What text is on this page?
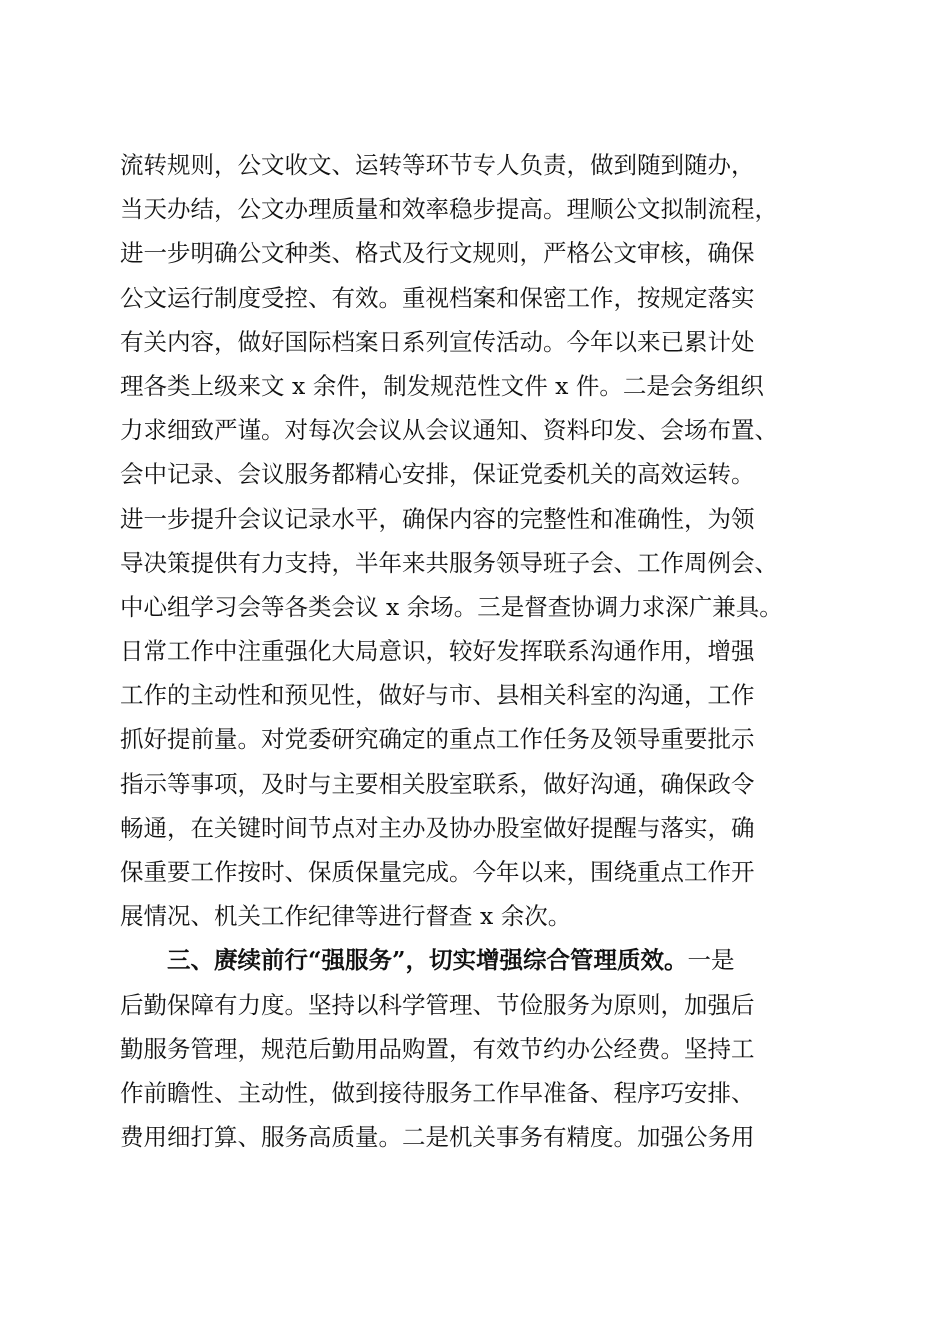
流转规则，公文收文、运转等环节专人负责，做到随到随办，
当天办结，公文办理质量和效率稳步提高。理顺公文拟制流程，
进一步明确公文种类、格式及行文规则，严格公文审核，确保
公文运行制度受控、有效。重视档案和保密工作，按规定落实
有关内容，做好国际档案日系列宣传活动。今年以来已累计处
理各类上级来文 x 余件，制发规范性文件 x 件。二是会务组织
力求细致严谨。对每次会议从会议通知、资料印发、会场布置、
会中记录、会议服务都精心安排，保证党委机关的高效运转。
进一步提升会议记录水平，确保内容的完整性和准确性，为领
导决策提供有力支持，半年来共服务领导班子会、工作周例会、
中心组学习会等各类会议 x 余场。三是督查协调力求深广兼具。
日常工作中注重强化大局意识，较好发挥联系沟通作用，增强
工作的主动性和预见性，做好与市、县相关科室的沟通，工作
抓好提前量。对党委研究确定的重点工作任务及领导重要批示
指示等事项，及时与主要相关股室联系，做好沟通，确保政令
畅通，在关键时间节点对主办及协办股室做好提醒与落实，确
保重要工作按时、保质保量完成。今年以来，围绕重点工作开
展情况、机关工作纪律等进行督查 x 余次。
三、赓续前行“强服务”，切实增强综合管理质效。一是
后勤保障有力度。坚持以科学管理、节俭服务为原则，加强后
勤服务管理，规范后勤用品购置，有效节约办公经费。坚持工
作前瞻性、主动性，做到接待服务工作早准备、程序巧安排、
费用细打算、服务高质量。二是机关事务有精度。加强公务用
